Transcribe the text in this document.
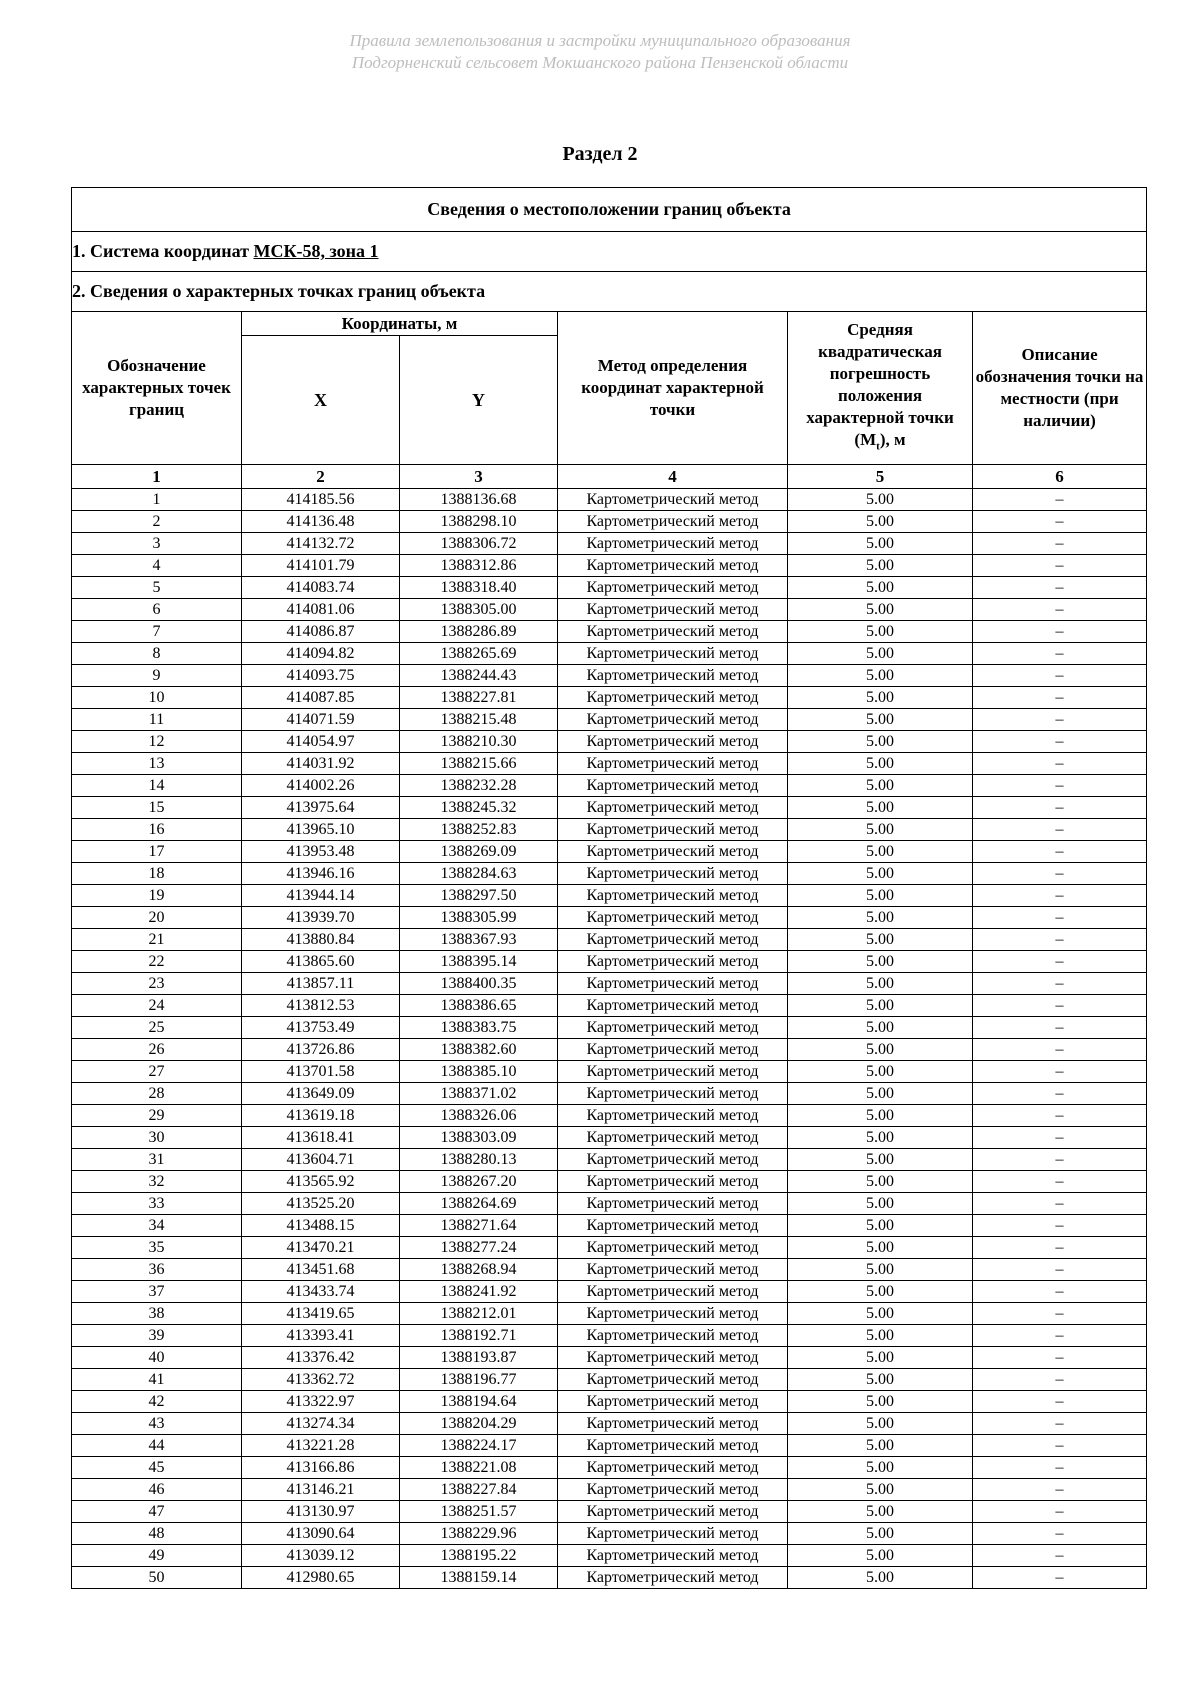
Правила землепользования и застройки муниципального образования
Подгорненский сельсовет Мокшанского района Пензенской области
Раздел 2
Сведения о местоположении границ объекта					
1. Система координат МСК-58, зона 1					
2. Сведения о характерных точках границ объекта					
Обозначение характерных точек границ	Координаты, м		Метод определения координат характерной точки	Средняя квадратическая погрешность положения характерной точки $(М_t)$, м	Описание обозначения точки на местности (при наличии)
	X	Y			
1	2	3	4	5	6
1	414185.56	1388136.68	Картометрический метод	5.00	–
2	414136.48	1388298.10	Картометрический метод	5.00	–
3	414132.72	1388306.72	Картометрический метод	5.00	–
4	414101.79	1388312.86	Картометрический метод	5.00	–
5	414083.74	1388318.40	Картометрический метод	5.00	–
6	414081.06	1388305.00	Картометрический метод	5.00	–
7	414086.87	1388286.89	Картометрический метод	5.00	–
8	414094.82	1388265.69	Картометрический метод	5.00	–
9	414093.75	1388244.43	Картометрический метод	5.00	–
10	414087.85	1388227.81	Картометрический метод	5.00	–
11	414071.59	1388215.48	Картометрический метод	5.00	–
12	414054.97	1388210.30	Картометрический метод	5.00	–
13	414031.92	1388215.66	Картометрический метод	5.00	–
14	414002.26	1388232.28	Картометрический метод	5.00	–
15	413975.64	1388245.32	Картометрический метод	5.00	–
16	413965.10	1388252.83	Картометрический метод	5.00	–
17	413953.48	1388269.09	Картометрический метод	5.00	–
18	413946.16	1388284.63	Картометрический метод	5.00	–
19	413944.14	1388297.50	Картометрический метод	5.00	–
20	413939.70	1388305.99	Картометрический метод	5.00	–
21	413880.84	1388367.93	Картометрический метод	5.00	–
22	413865.60	1388395.14	Картометрический метод	5.00	–
23	413857.11	1388400.35	Картометрический метод	5.00	–
24	413812.53	1388386.65	Картометрический метод	5.00	–
25	413753.49	1388383.75	Картометрический метод	5.00	–
26	413726.86	1388382.60	Картометрический метод	5.00	–
27	413701.58	1388385.10	Картометрический метод	5.00	–
28	413649.09	1388371.02	Картометрический метод	5.00	–
29	413619.18	1388326.06	Картометрический метод	5.00	–
30	413618.41	1388303.09	Картометрический метод	5.00	–
31	413604.71	1388280.13	Картометрический метод	5.00	–
32	413565.92	1388267.20	Картометрический метод	5.00	–
33	413525.20	1388264.69	Картометрический метод	5.00	–
34	413488.15	1388271.64	Картометрический метод	5.00	–
35	413470.21	1388277.24	Картометрический метод	5.00	–
36	413451.68	1388268.94	Картометрический метод	5.00	–
37	413433.74	1388241.92	Картометрический метод	5.00	–
38	413419.65	1388212.01	Картометрический метод	5.00	–
39	413393.41	1388192.71	Картометрический метод	5.00	–
40	413376.42	1388193.87	Картометрический метод	5.00	–
41	413362.72	1388196.77	Картометрический метод	5.00	–
42	413322.97	1388194.64	Картометрический метод	5.00	–
43	413274.34	1388204.29	Картометрический метод	5.00	–
44	413221.28	1388224.17	Картометрический метод	5.00	–
45	413166.86	1388221.08	Картометрический метод	5.00	–
46	413146.21	1388227.84	Картометрический метод	5.00	–
47	413130.97	1388251.57	Картометрический метод	5.00	–
48	413090.64	1388229.96	Картометрический метод	5.00	–
49	413039.12	1388195.22	Картометрический метод	5.00	–
50	412980.65	1388159.14	Картометрический метод	5.00	–
